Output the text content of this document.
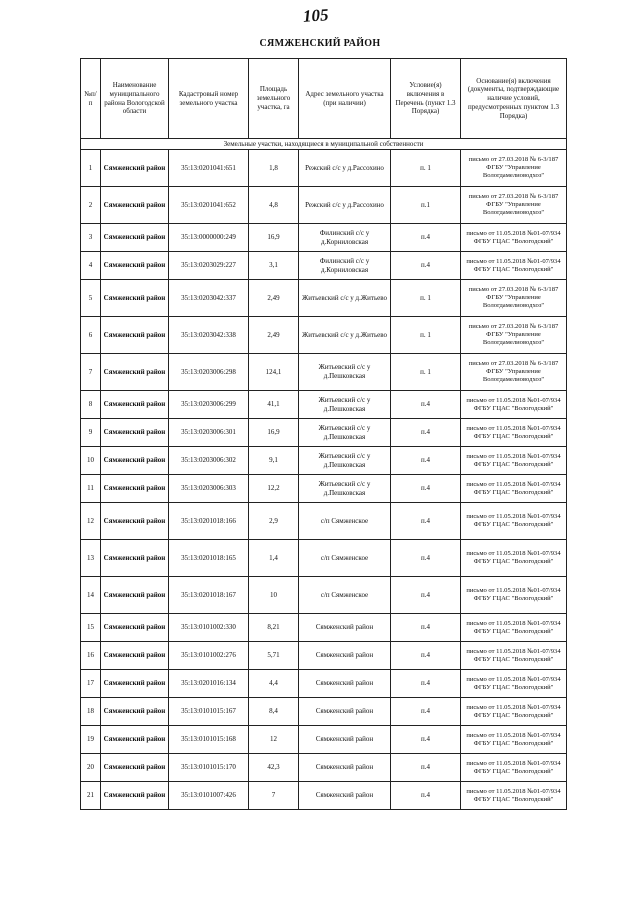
105
СЯМЖЕНСКИЙ РАЙОН
№п/п	Наименование муниципального района Вологодской области	Кадастровый номер земельного участка	Площадь земельного участка, га	Адрес земельного участка (при наличии)	Условие(я) включения в Перечень (пункт 1.3 Порядка)	Основание(я) включения (документы, подтверждающие наличие условий, предусмотренных пунктом 1.3 Порядка)
Земельные участки, находящиеся в муниципальной собственности						
1	Сямженский район	35:13:0201041:651	1,8	Режский с/с у д.Рассохино	п. 1	письмо от 27.03.2018 № 6-3/187 ФГБУ "Управление Вологдамелиоводхоз"
2	Сямженский район	35:13:0201041:652	4,8	Режский с/с у д.Рассохино	п.1	письмо от 27.03.2018 № 6-3/187 ФГБУ "Управление Вологдамелиоводхоз"
3	Сямженский район	35:13:0000000:249	16,9	Филинский с/с у д.Корниловская	п.4	письмо от 11.05.2018 №01-07/934 ФГБУ ГЦАС "Вологодский"
4	Сямженский район	35:13:0203029:227	3,1	Филинский с/с у д.Корниловская	п.4	письмо от 11.05.2018 №01-07/934 ФГБУ ГЦАС "Вологодский"
5	Сямженский район	35:13:0203042:337	2,49	Житьевский с/с у д.Житьево	п. 1	письмо от 27.03.2018 № 6-3/187 ФГБУ "Управление Вологдамелиоводхоз"
6	Сямженский район	35:13:0203042:338	2,49	Житьевский с/с у д.Житьево	п. 1	письмо от 27.03.2018 № 6-3/187 ФГБУ "Управление Вологдамелиоводхоз"
7	Сямженский район	35:13:0203006:298	124,1	Житьевский с/с у д.Пешковская	п. 1	письмо от 27.03.2018 № 6-3/187 ФГБУ "Управление Вологдамелиоводхоз"
8	Сямженский район	35:13:0203006:299	41,1	Житьевский с/с у д.Пешковская	п.4	письмо от 11.05.2018 №01-07/934 ФГБУ ГЦАС "Вологодский"
9	Сямженский район	35:13:0203006:301	16,9	Житьевский с/с у д.Пешковская	п.4	письмо от 11.05.2018 №01-07/934 ФГБУ ГЦАС "Вологодский"
10	Сямженский район	35:13:0203006:302	9,1	Житьевский с/с у д.Пешковская	п.4	письмо от 11.05.2018 №01-07/934 ФГБУ ГЦАС "Вологодский"
11	Сямженский район	35:13:0203006:303	12,2	Житьевский с/с у д.Пешковская	п.4	письмо от 11.05.2018 №01-07/934 ФГБУ ГЦАС "Вологодский"
12	Сямженский район	35:13:0201018:166	2,9	с/п Сямженское	п.4	письмо от 11.05.2018 №01-07/934 ФГБУ ГЦАС "Вологодский"
13	Сямженский район	35:13:0201018:165	1,4	с/п Сямженское	п.4	письмо от 11.05.2018 №01-07/934 ФГБУ ГЦАС "Вологодский"
14	Сямженский район	35:13:0201018:167	10	с/п Сямженское	п.4	письмо от 11.05.2018 №01-07/934 ФГБУ ГЦАС "Вологодский"
15	Сямженский район	35:13:0101002:330	8,21	Сямженский район	п.4	письмо от 11.05.2018 №01-07/934 ФГБУ ГЦАС "Вологодский"
16	Сямженский район	35:13:0101002:276	5,71	Сямженский район	п.4	письмо от 11.05.2018 №01-07/934 ФГБУ ГЦАС "Вологодский"
17	Сямженский район	35:13:0201016:134	4,4	Сямженский район	п.4	письмо от 11.05.2018 №01-07/934 ФГБУ ГЦАС "Вологодский"
18	Сямженский район	35:13:0101015:167	8,4	Сямженский район	п.4	письмо от 11.05.2018 №01-07/934 ФГБУ ГЦАС "Вологодский"
19	Сямженский район	35:13:0101015:168	12	Сямженский район	п.4	письмо от 11.05.2018 №01-07/934 ФГБУ ГЦАС "Вологодский"
20	Сямженский район	35:13:0101015:170	42,3	Сямженский район	п.4	письмо от 11.05.2018 №01-07/934 ФГБУ ГЦАС "Вологодский"
21	Сямженский район	35:13:0101007:426	7	Сямженский район	п.4	письмо от 11.05.2018 №01-07/934 ФГБУ ГЦАС "Вологодский"
